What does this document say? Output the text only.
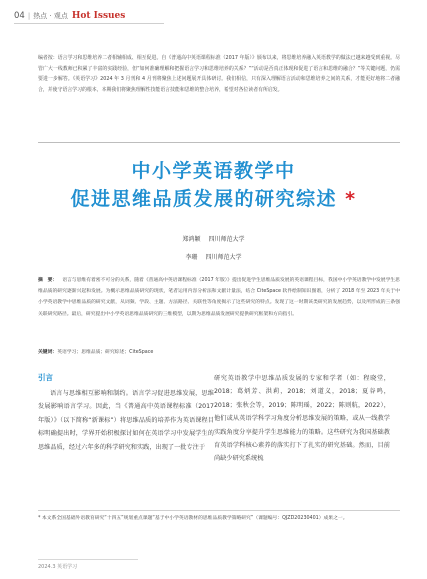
04 | 热点 · 观点 Hot Issues
编者按：语言学习和思维培养二者相辅相成、相互促进。自《普通高中英语课程标准（2017 年版）》颁布以来，将思维培养融入英语教学的做法已越来越受到重视。尽管广大一线教师已积累了丰富的实践经验，但“如何准确理解和把握语言学习和思维培养的关系？”“活动是否真正体现和促进了语言和思维的融合？”等关键问题，仍需要进一步解答。《英语学习》2024 年 3 月刊和 4 月刊将聚焦上述问题展开具体研讨。我们相信，只有深入理解语言活动和思维培养之间的关系，才能更好地将二者融合，并使守语言学习的根本，本期我们将聚焦理解性技能语言技能和思维的整合培养，希望对各位读者有所启发。
中小学英语教学中
促进思维品质发展的研究综述 *
郑鸿颖 四川师范大学
李珊 四川师范大学
摘　要： 语言与思维有着密不可分的关系，随着《普通高中英语课程标准（2017 年版）》提出促进学生思维品质发展的英语课程目标，我国中小学英语教学中发展学生思维品质的研究逐渐兴起和发展。为概示思维品质研究的现状，笔者运用内容分析法和文献计量法，结合 CiteSpace 软件绘制知识图谱，分析了 2018 年至 2023 年关于中小学英语教学中思维品质的研究文献，从词频、学段、主题、方法路径、关联性等角度揭示了这些研究的特点。发现了这一时期该类研究的发展趋势，以及所形成的三条强关联研究路径。最后，研究提出中小学英语思维品质研究的三维模型，以期为思维品质发展研究提供研究框架和方向指引。
关键词：英语学习；思维品质；研究综述；CiteSpace
引言
语言与思维相互影响和制约。语言学习促进思维发展，思维发展影响语言学习。因此，当《普通高中英语课程标准（2017 年版）》（以下简称“新课标”）将思维品质的培养作为英语课程目标明确提出时，学界开始积极探讨如何在英语学习中发展学生的思维品质，经过六年多的科学研究和实践，出现了一批专注于
研究英语教学中思维品质发展的专家和学者（如：程晓堂，2018；葛炳芳、洪莉，2018；刘道义，2018；夏谷鸣，2018；张秋会等，2019；陈明瑶，2022；陈则航，2022），他们或从英语学科学习角度分析思维发展的策略，或从一线教学实践角度分享提升学生思维能力的策略。这些研究为我国基础教育英语学科核心素养的落实打下了扎实的研究基础。然而，目前尚缺少研究系统梳
* 本文系全国基础外语教育研究“十四五”规划重点课题“基于中小学英语教材的思维品质教学策略研究”（课题编号：QJZD20230401）成果之一。
2024.3 英语学习
